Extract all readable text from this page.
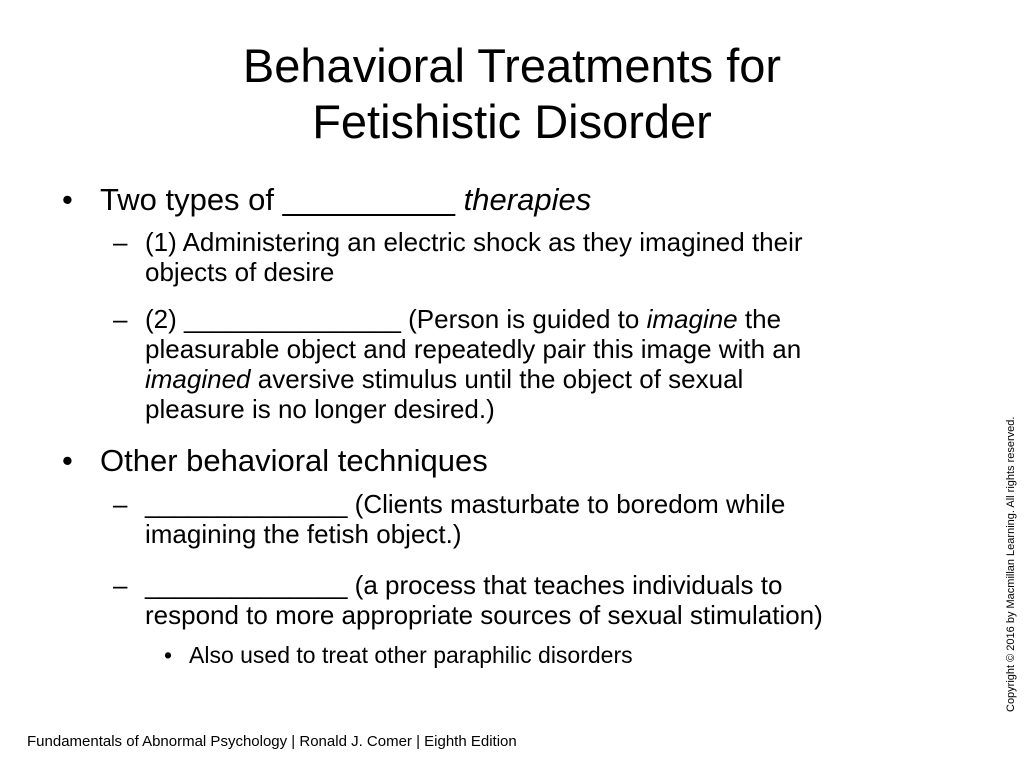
Behavioral Treatments for
Fetishistic Disorder
• Two types of __________ therapies
– (1) Administering an electric shock as they imagined their
objects of desire
– (2) _______________ (Person is guided to imagine the
pleasurable object and repeatedly pair this image with an
imagined aversive stimulus until the object of sexual
pleasure is no longer desired.)
• Other behavioral techniques
– ______________ (Clients masturbate to boredom while
imagining the fetish object.)
– ______________ (a process that teaches individuals to
respond to more appropriate sources of sexual stimulation)
• Also used to treat other paraphilic disorders	Copyright © 2016 by Macmillan Learning. All rights reserved.
Fundamentals of Abnormal Psychology | Ronald J. Comer | Eighth Edition
